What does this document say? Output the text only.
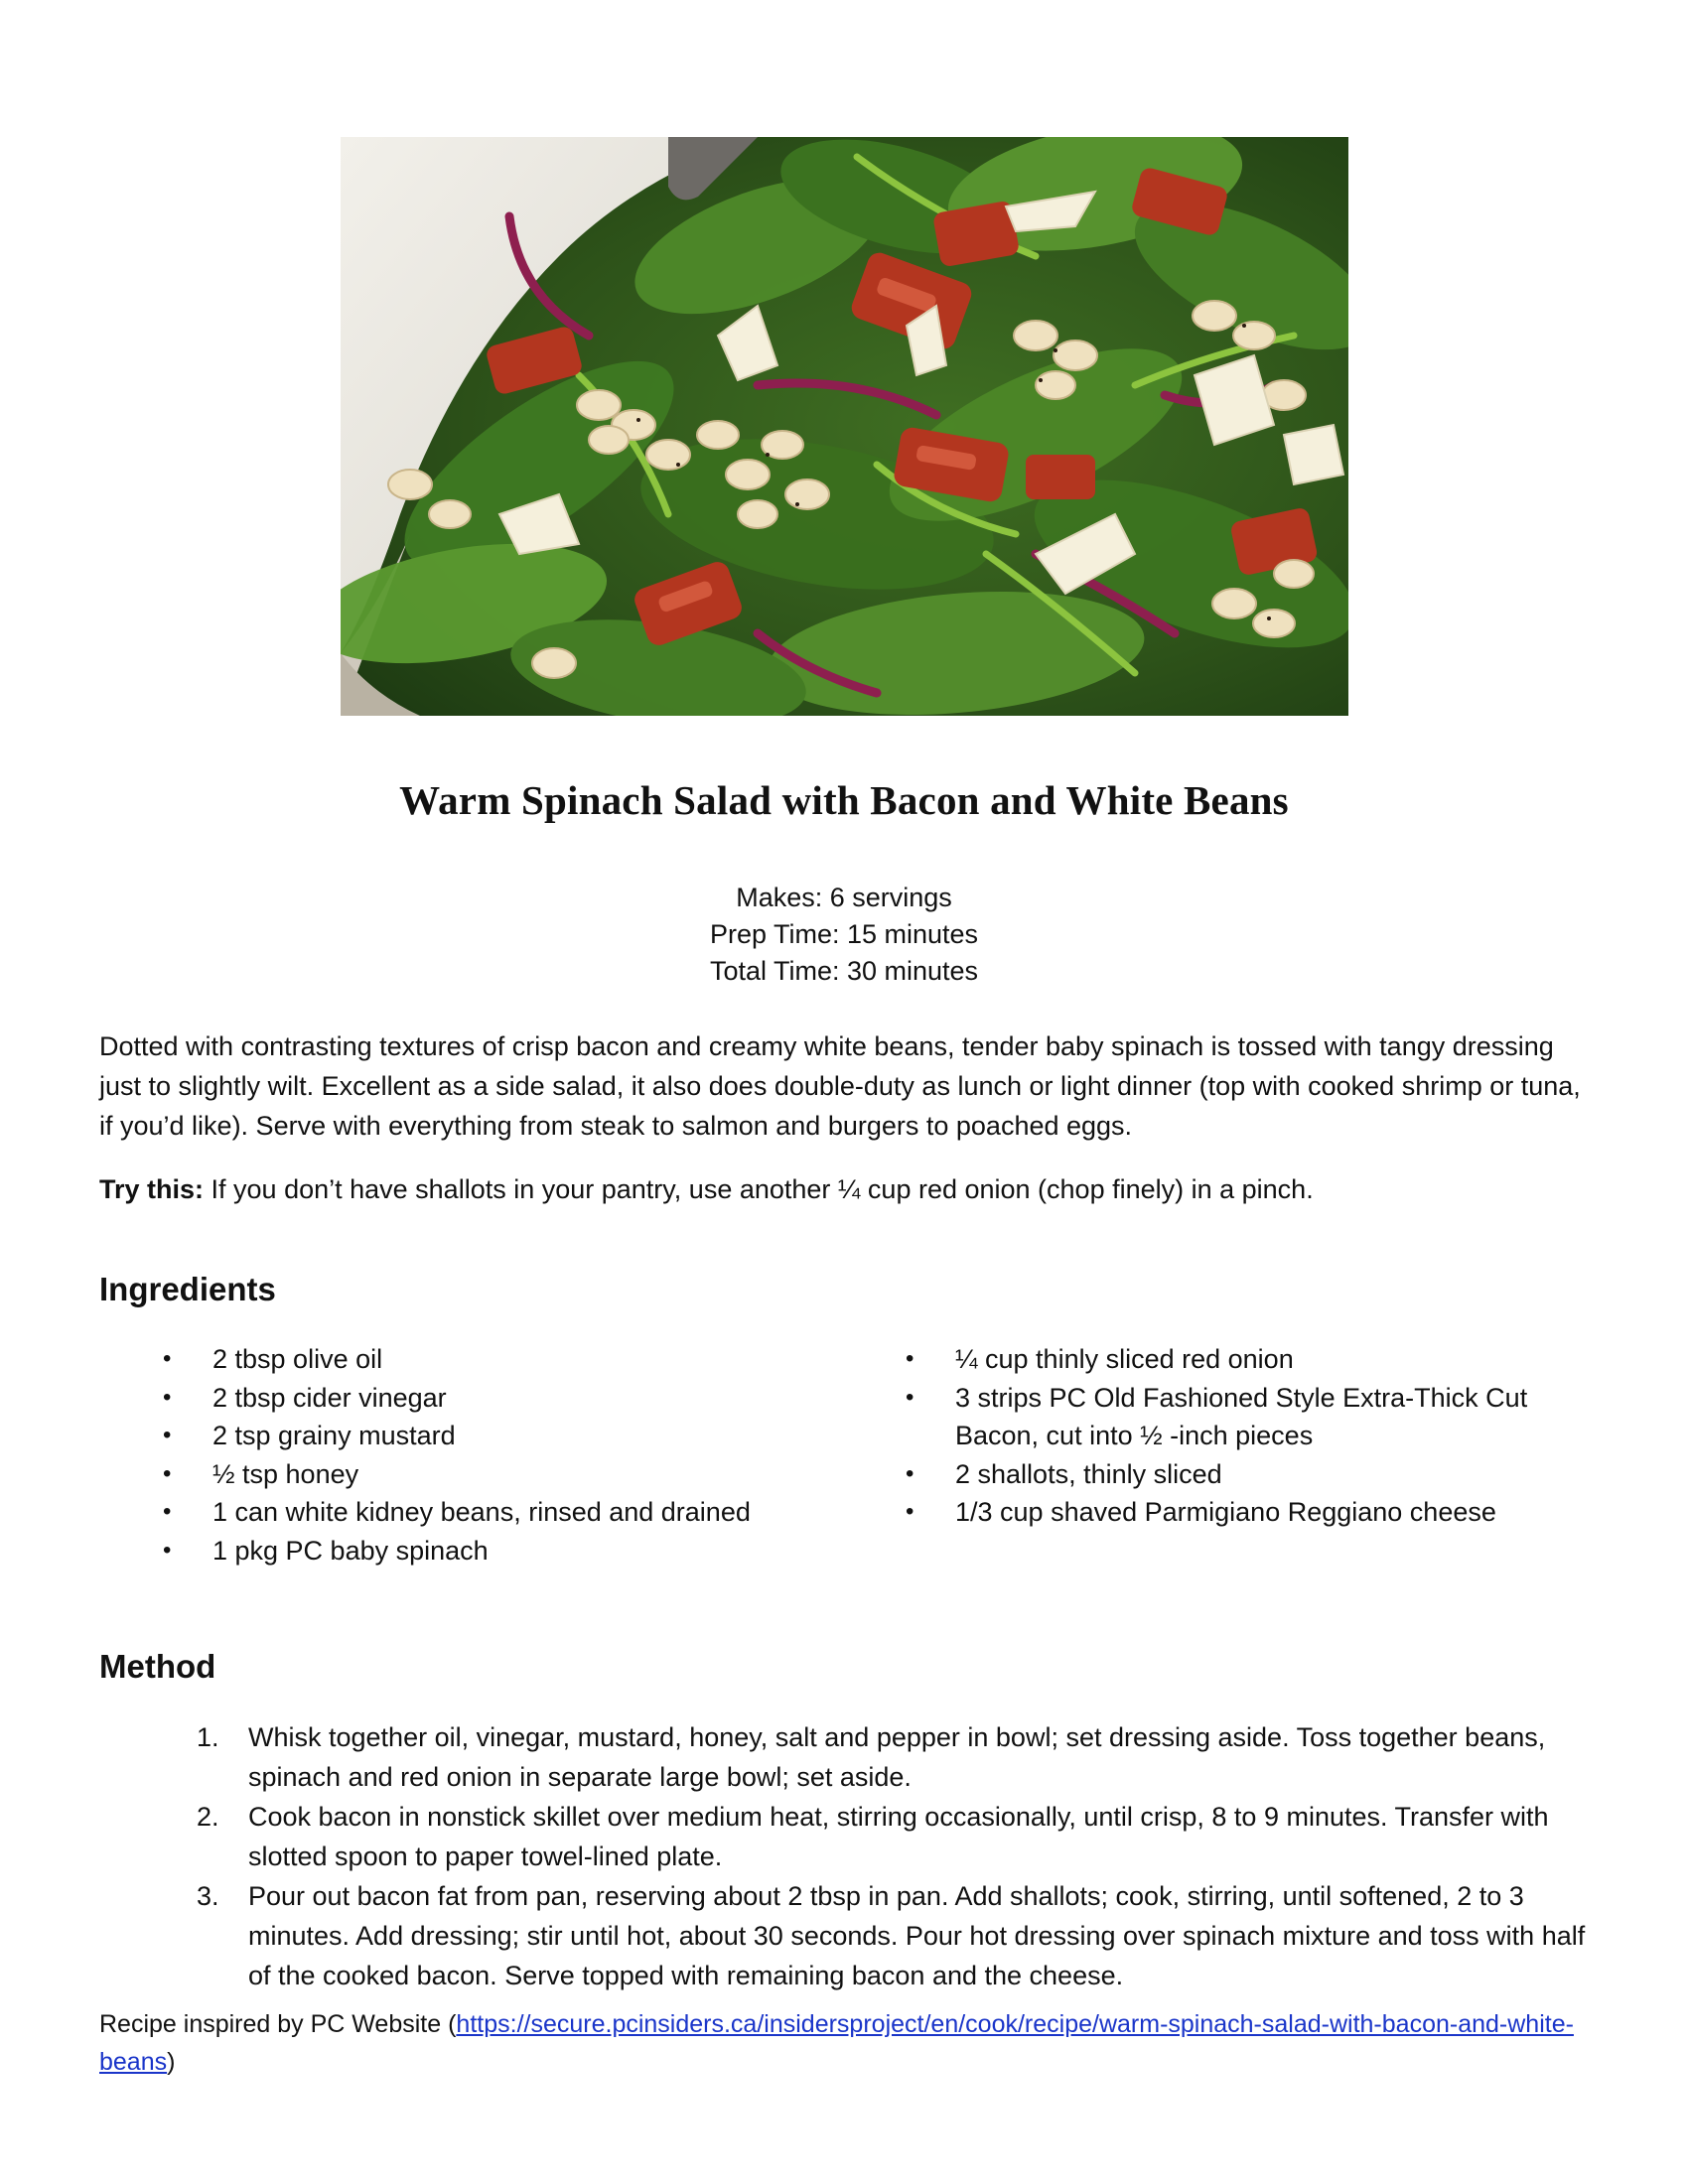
Warm Spinach Salad with Bacon and White Beans
Makes: 6 servings
Prep Time: 15 minutes
Total Time: 30 minutes

Dotted with contrasting textures of crisp bacon and creamy white beans, tender baby spinach is tossed with tangy dressing just to slightly wilt. Excellent as a side salad, it also does double-duty as lunch or light dinner (top with cooked shrimp or tuna, if you’d like). Serve with everything from steak to salmon and burgers to poached eggs.

Try this: If you don’t have shallots in your pantry, use another ¼ cup red onion (chop finely) in a pinch.

Ingredients
• 2 tbsp olive oil
• 2 tbsp cider vinegar
• 2 tsp grainy mustard
• ½ tsp honey
• 1 can white kidney beans, rinsed and drained
• 1 pkg PC baby spinach
• ¼ cup thinly sliced red onion
• 3 strips PC Old Fashioned Style Extra-Thick Cut Bacon, cut into ½ -inch pieces
• 2 shallots, thinly sliced
• 1/3 cup shaved Parmigiano Reggiano cheese
Method
1. Whisk together oil, vinegar, mustard, honey, salt and pepper in bowl; set dressing aside. Toss together beans, spinach and red onion in separate large bowl; set aside.
2. Cook bacon in nonstick skillet over medium heat, stirring occasionally, until crisp, 8 to 9 minutes. Transfer with slotted spoon to paper towel-lined plate.
3. Pour out bacon fat from pan, reserving about 2 tbsp in pan. Add shallots; cook, stirring, until softened, 2 to 3 minutes. Add dressing; stir until hot, about 30 seconds. Pour hot dressing over spinach mixture and toss with half of the cooked bacon. Serve topped with remaining bacon and the cheese.

Recipe inspired by PC Website (https://secure.pcinsiders.ca/insidersproject/en/cook/recipe/warm-spinach-salad-with-bacon-and-white-beans)
